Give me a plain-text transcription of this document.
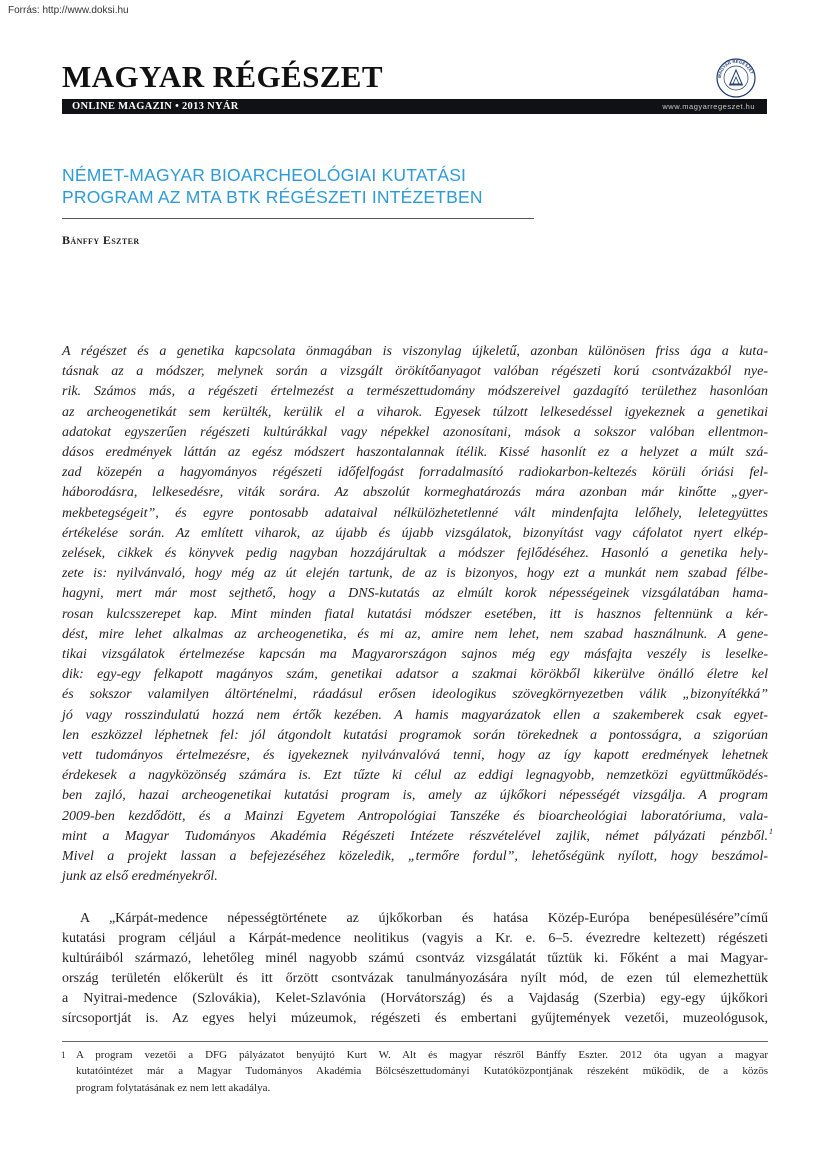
Forrás: http://www.doksi.hu
MAGYAR RÉGÉSZET
ONLINE MAGAZIN • 2013 NYÁR	www.magyarregeszet.hu
MAGYAR RÉGÉSZET
NÉMET-MAGYAR BIOARCHEOLÓGIAI KUTATÁSI
PROGRAM AZ MTA BTK RÉGÉSZETI INTÉZETBEN
Bánffy Eszter
A régészet és a genetika kapcsolata önmagában is viszonylag újkeletű, azonban különösen friss ága a kuta-
tásnak az a módszer, melynek során a vizsgált örökítőanyagot valóban régészeti korú csontvázakból nye-
rik. Számos más, a régészeti értelmezést a természettudomány módszereivel gazdagító területhez hasonlóan
az archeogenetikát sem kerülték, kerülik el a viharok. Egyesek túlzott lelkesedéssel igyekeznek a genetikai
adatokat egyszerűen régészeti kultúrákkal vagy népekkel azonosítani, mások a sokszor valóban ellentmon-
dásos eredmények láttán az egész módszert haszontalannak ítélik. Kissé hasonlít ez a helyzet a múlt szá-
zad közepén a hagyományos régészeti időfelfogást forradalmasító radiokarbon-keltezés körüli óriási fel-
háborodásra, lelkesedésre, viták sorára. Az abszolút kormeghatározás mára azonban már kinőtte „gyer-
mekbetegségeit”, és egyre pontosabb adataival nélkülözhetetlenné vált mindenfajta lelőhely, leletegyüttes
értékelése során. Az említett viharok, az újabb és újabb vizsgálatok, bizonyítást vagy cáfolatot nyert elkép-
zelések, cikkek és könyvek pedig nagyban hozzájárultak a módszer fejlődéséhez. Hasonló a genetika hely-
zete is: nyilvánvaló, hogy még az út elején tartunk, de az is bizonyos, hogy ezt a munkát nem szabad félbe-
hagyni, mert már most sejthető, hogy a DNS-kutatás az elmúlt korok népességeinek vizsgálatában hama-
rosan kulcsszerepet kap. Mint minden fiatal kutatási módszer esetében, itt is hasznos feltennünk a kér-
dést, mire lehet alkalmas az archeogenetika, és mi az, amire nem lehet, nem szabad használnunk. A gene-
tikai vizsgálatok értelmezése kapcsán ma Magyarországon sajnos még egy másfajta veszély is leselke-
dik: egy-egy felkapott magányos szám, genetikai adatsor a szakmai körökből kikerülve önálló életre kel
és sokszor valamilyen áltörténelmi, ráadásul erősen ideologikus szövegkörnyezetben válik „bizonyítékká”
jó vagy rosszindulatú hozzá nem értők kezében. A hamis magyarázatok ellen a szakemberek csak egyet-
len eszközzel léphetnek fel: jól átgondolt kutatási programok során törekednek a pontosságra, a szigorúan
vett tudományos értelmezésre, és igyekeznek nyilvánvalóvá tenni, hogy az így kapott eredmények lehetnek
érdekesek a nagyközönség számára is. Ezt tűzte ki célul az eddigi legnagyobb, nemzetközi együttműködés-
ben zajló, hazai archeogenetikai kutatási program is, amely az újkőkori népességét vizsgálja. A program
2009-ben kezdődött, és a Mainzi Egyetem Antropológiai Tanszéke és bioarcheológiai laboratóriuma, vala-
mint a Magyar Tudományos Akadémia Régészeti Intézete részvételével zajlik, német pályázati pénzből. 1
Mivel a projekt lassan a befejezéséhez közeledik, „termőre fordul”, lehetőségünk nyílott, hogy beszámol-
junk az első eredményekről.
A „Kárpát-medence népességtörténete az újkőkorban és hatása Közép-Európa benépesülésére”című
kutatási program céljául a Kárpát-medence neolitikus (vagyis a Kr. e. 6–5. évezredre keltezett) régészeti
kultúráiból származó, lehetőleg minél nagyobb számú csontváz vizsgálatát tűztük ki. Főként a mai Magyar-
ország területén előkerült és itt őrzött csontvázak tanulmányozására nyílt mód, de ezen túl elemezhettük
a Nyitrai-medence (Szlovákia), Kelet-Szlavónia (Horvátország) és a Vajdaság (Szerbia) egy-egy újkőkori
sírcsoportját is. Az egyes helyi múzeumok, régészeti és embertani gyűjtemények vezetői, muzeológusok,
1 A program vezetői a DFG pályázatot benyújtó Kurt W. Alt és magyar részről Bánffy Eszter. 2012 óta ugyan a magyar
kutatóintézet már a Magyar Tudományos Akadémia Bölcsészettudományi Kutatóközpontjának részeként működik, de a közös
program folytatásának ez nem lett akadálya.
